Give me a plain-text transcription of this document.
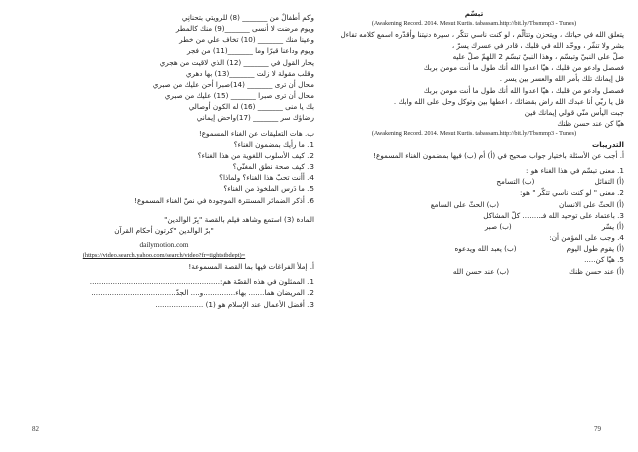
وكم أطفالٌ من _______ (8) للرويتي بتحنانِي
ويوم مرضت لا أنسى _______(9) منك كالمطر
وعينا منك _______ (10) تخاف علي من خطر
ويوم وداعنا قبرًا وما _______(11) من فجر
يحار القول في _______ (12) الذي لاقيت من هجري
وقلب مقولة لا زلت _______(13) بها دهري
محال أن ترى _______ (14)صبرا أحن عليك من صبري
محال أن ترى صبرا _______ (15) عليك من صبري
بك يا منى _______ (16) له الكون أوصالي
رضاؤك سر _______ (17)واحض إيماني
ب. هات التعليقات عن الغناء المسموع!
1. ما رأيك بمضمون الغناء؟
2. كيف الأسلوب اللغوية من هذا الغناء؟
3. كيف صحة نطق المغنّي؟
4. أأنت تحبّ هذا الغناء؟ ولماذا؟
5. ما دَرس الملخوذ من الغناء؟
6. أذكر الضمائر المستترة الموجودة في نصّ الغناء المسموع!
المادة (3) استمع وشاهد فيلم بالقصة "بِرّ الوالدين"
"برّ الوالدين "كرتون أحكام القرآن
dailymotion.com
(https://video.search.yahoo.com/search/video?fr=tightstbdept)=
أ. إملأ الفراغات فيها بما القصة المسموعة!
1. الممثلون في هذه القصّة هم:.........................................................
2. المريضان هما....... بهاء..............و.... الجدّ.....................................
3. أفضل الأعمال عند الإسلام هو (1) .....................
تبسّم
(Awakening Record. 2014. Mesut Kurtis. tabassam.http://bit.ly/Tbsmmp3 - Tunes)
يتعلق الله في حياتك ، ويتحزن وتتألّم ، لو كنت ناسي تتكّر ، سيرة دنيتنا وأقدّره اسمع كلامه تفاءل
بشر ولا تنفّر ، ووحّد الله في قلبك ، قادر في عسرك يسرّ ،
صلّ على النبيّ وتبسّم ، وهذا النبيّ تبسّم 2 اللهمّ صلّ عليه
فصصل وادعو من قلبك ، هيّا اعدوا الله أنك طول ما أنت مومن بربك
قل إيمانك تلك بأمر الله والعسر بين يسر .
فصصل وادعو من قلبك ، هيّا اعدوا الله أنك طول ما أنت مومن بربك
قل يا ربّي أنا عبدك الله راض بقضائك ، اعطها بين وتوكل وحل على الله وابك .
جبت اليأس منّي قولي إيمانك فين
هيّا كن عند حسن ظنك
(Awakening Record. 2014. Mesut Kurtis. tabassam.http://bit.ly/Tbsmmp3 - Tunes)
التدريبات
أ. أجب عن الأسئلة باختيار جواب صحيح في (أ) أم (ب) فيها بمضمون الغناء المسموع!
1. معنى تبسّم في هذا الغناء هو :
(أ) التفائل
(ب) التسامح
2. معنى " لو كنت ناسي تتكّر " هو:
(أ) الحثّ على الانسان
(ب) الحثّ على السامع
3. باعتماد على توحيد الله فـ........ كلّ المشاكل
(أ) يسّر
(ب) صبر
4. وجب على المؤمن أن:
(أ) يقوم طول اليوم
(ب) يعبد الله ويدعوه
5. هيّا كن.....
(أ) عند حسن ظنك
(ب) عند حسن الله
82	79
